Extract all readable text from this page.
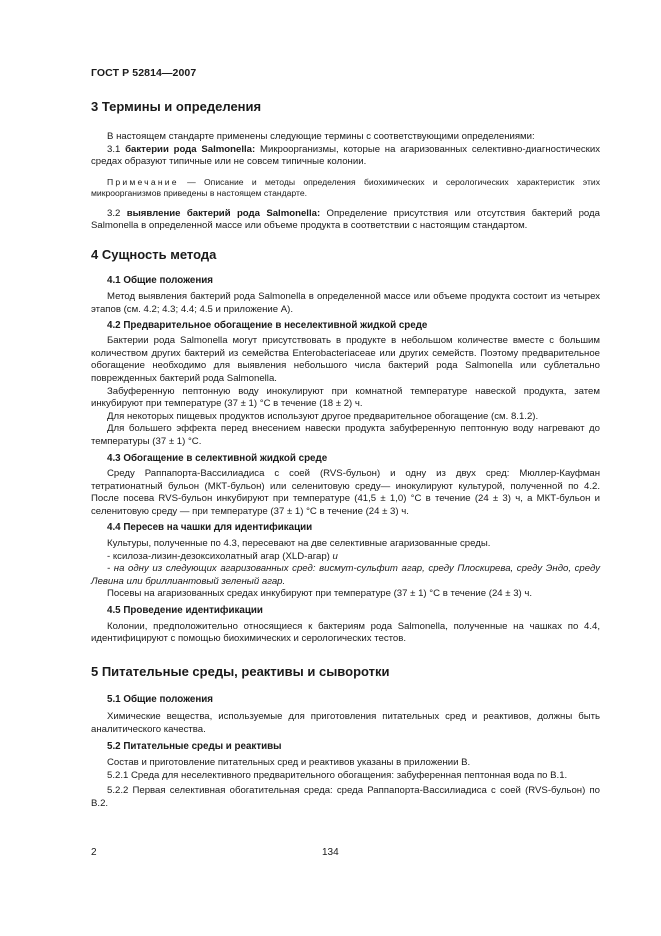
ГОСТ Р 52814—2007
3 Термины и определения

В настоящем стандарте применены следующие термины с соответствующими определениями:

3.1 бактерии рода Salmonella: Микроорганизмы, которые на агаризованных селективно-диагностических средах образуют типичные или не совсем типичные колонии.

Примечание — Описание и методы определения биохимических и серологических характеристик этих микроорганизмов приведены в настоящем стандарте.

3.2 выявление бактерий рода Salmonella: Определение присутствия или отсутствия бактерий рода Salmonella в определенной массе или объеме продукта в соответствии с настоящим стандартом.

4 Сущность метода
4.1 Общие положения

Метод выявления бактерий рода Salmonella в определенной массе или объеме продукта состоит из четырех этапов (см. 4.2; 4.3; 4.4; 4.5 и приложение А).

4.2 Предварительное обогащение в неселективной жидкой среде

Бактерии рода Salmonella могут присутствовать в продукте в небольшом количестве вместе с большим количеством других бактерий из семейства Enterobacteriaceae или других семейств. Поэтому предварительное обогащение необходимо для выявления небольшого числа бактерий рода Salmonella или сублетально поврежденных бактерий рода Salmonella.

Забуференную пептонную воду инокулируют при комнатной температуре навеской продукта, затем инкубируют при температуре (37 ± 1) °С в течение (18 ± 2) ч.

Для некоторых пищевых продуктов используют другое предварительное обогащение (см. 8.1.2).

Для большего эффекта перед внесением навески продукта забуференную пептонную воду нагревают до температуры (37 ± 1) °С.

4.3 Обогащение в селективной жидкой среде

Среду Раппапорта-Вассилиадиса с соей (RVS-бульон) и одну из двух сред: Мюллер-Кауфман тетратионатный бульон (МКТ-бульон) или селенитовую среду— инокулируют культурой, полученной по 4.2. После посева RVS-бульон инкубируют при температуре (41,5 ± 1,0) °С в течение (24 ± 3) ч, а МКТ-бульон и селенитовую среду — при температуре (37 ± 1) °С в течение (24 ± 3) ч.

4.4 Пересев на чашки для идентификации

Культуры, полученные по 4.3, пересевают на две селективные агаризованные среды.

- ксилоза-лизин-дезоксихолатный агар (XLD-агар) и

- на одну из следующих агаризованных сред: висмут-сульфит агар, среду Плоскирева, среду Эндо, среду Левина или бриллиантовый зеленый агар.

Посевы на агаризованных средах инкубируют при температуре (37 ± 1) °С в течение (24 ± 3) ч.

4.5 Проведение идентификации

Колонии, предположительно относящиеся к бактериям рода Salmonella, полученные на чашках по 4.4, идентифицируют с помощью биохимических и серологических тестов.

5 Питательные среды, реактивы и сыворотки
5.1 Общие положения

Химические вещества, используемые для приготовления питательных сред и реактивов, должны быть аналитического качества.

5.2 Питательные среды и реактивы

Состав и приготовление питательных сред и реактивов указаны в приложении В.

5.2.1 Среда для неселективного предварительного обогащения: забуференная пептонная вода по В.1.

5.2.2 Первая селективная обогатительная среда: среда Раппапорта-Вассилиадиса с соей (RVS-бульон) по В.2.

2	134
